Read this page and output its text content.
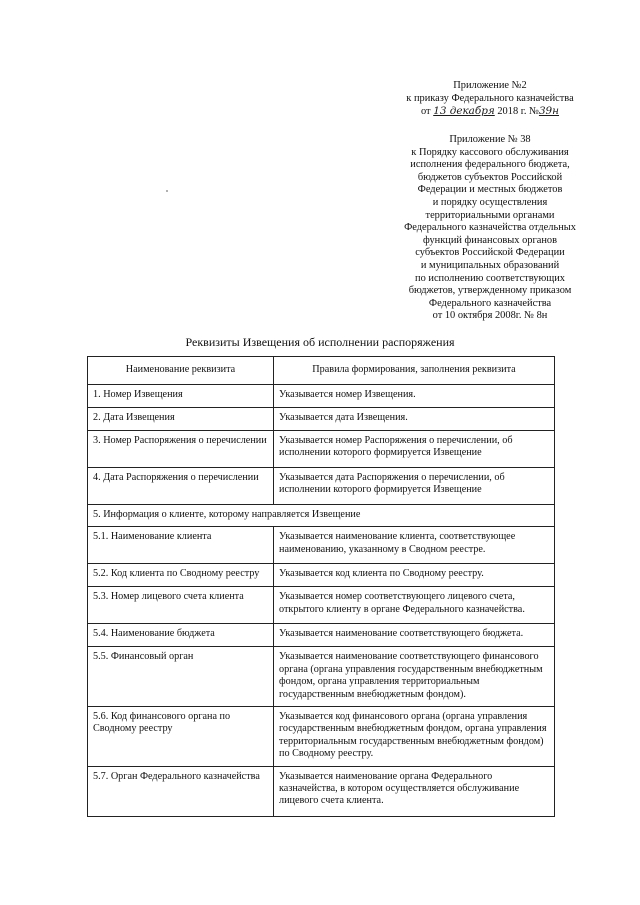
Приложение №2
к приказу Федерального казначейства
от 13 декабря 2018 г. №39н
Приложение № 38
к Порядку кассового обслуживания
исполнения федерального бюджета,
бюджетов субъектов Российской
Федерации и местных бюджетов
и порядку осуществления
территориальными органами
Федерального казначейства отдельных
функций финансовых органов
субъектов Российской Федерации
и муниципальных образований
по исполнению соответствующих
бюджетов, утвержденному приказом
Федерального казначейства
от 10 октября 2008г. № 8н
Реквизиты Извещения об исполнении распоряжения
Наименование реквизита	Правила формирования, заполнения реквизита
1. Номер Извещения	Указывается номер Извещения.
2. Дата Извещения	Указывается дата Извещения.
3. Номер Распоряжения о перечислении	Указывается номер Распоряжения о перечислении, об исполнении которого формируется Извещение
4. Дата Распоряжения о перечислении	Указывается дата Распоряжения о перечислении, об исполнении которого формируется Извещение
5. Информация о клиенте, которому направляется Извещение	
5.1. Наименование клиента	Указывается наименование клиента, соответствующее наименованию, указанному в Сводном реестре.
5.2. Код клиента по Сводному реестру	Указывается код клиента по Сводному реестру.
5.3. Номер лицевого счета клиента	Указывается номер соответствующего лицевого счета, открытого клиенту в органе Федерального казначейства.
5.4. Наименование бюджета	Указывается наименование соответствующего бюджета.
5.5. Финансовый орган	Указывается наименование соответствующего финансового органа (органа управления государственным внебюджетным фондом, органа управления территориальным государственным внебюджетным фондом).
5.6. Код финансового органа по Сводному реестру	Указывается код финансового органа (органа управления государственным внебюджетным фондом, органа управления территориальным государственным внебюджетным фондом) по Сводному реестру.
5.7. Орган Федерального казначейства	Указывается наименование органа Федерального казначейства, в котором осуществляется обслуживание лицевого счета клиента.
